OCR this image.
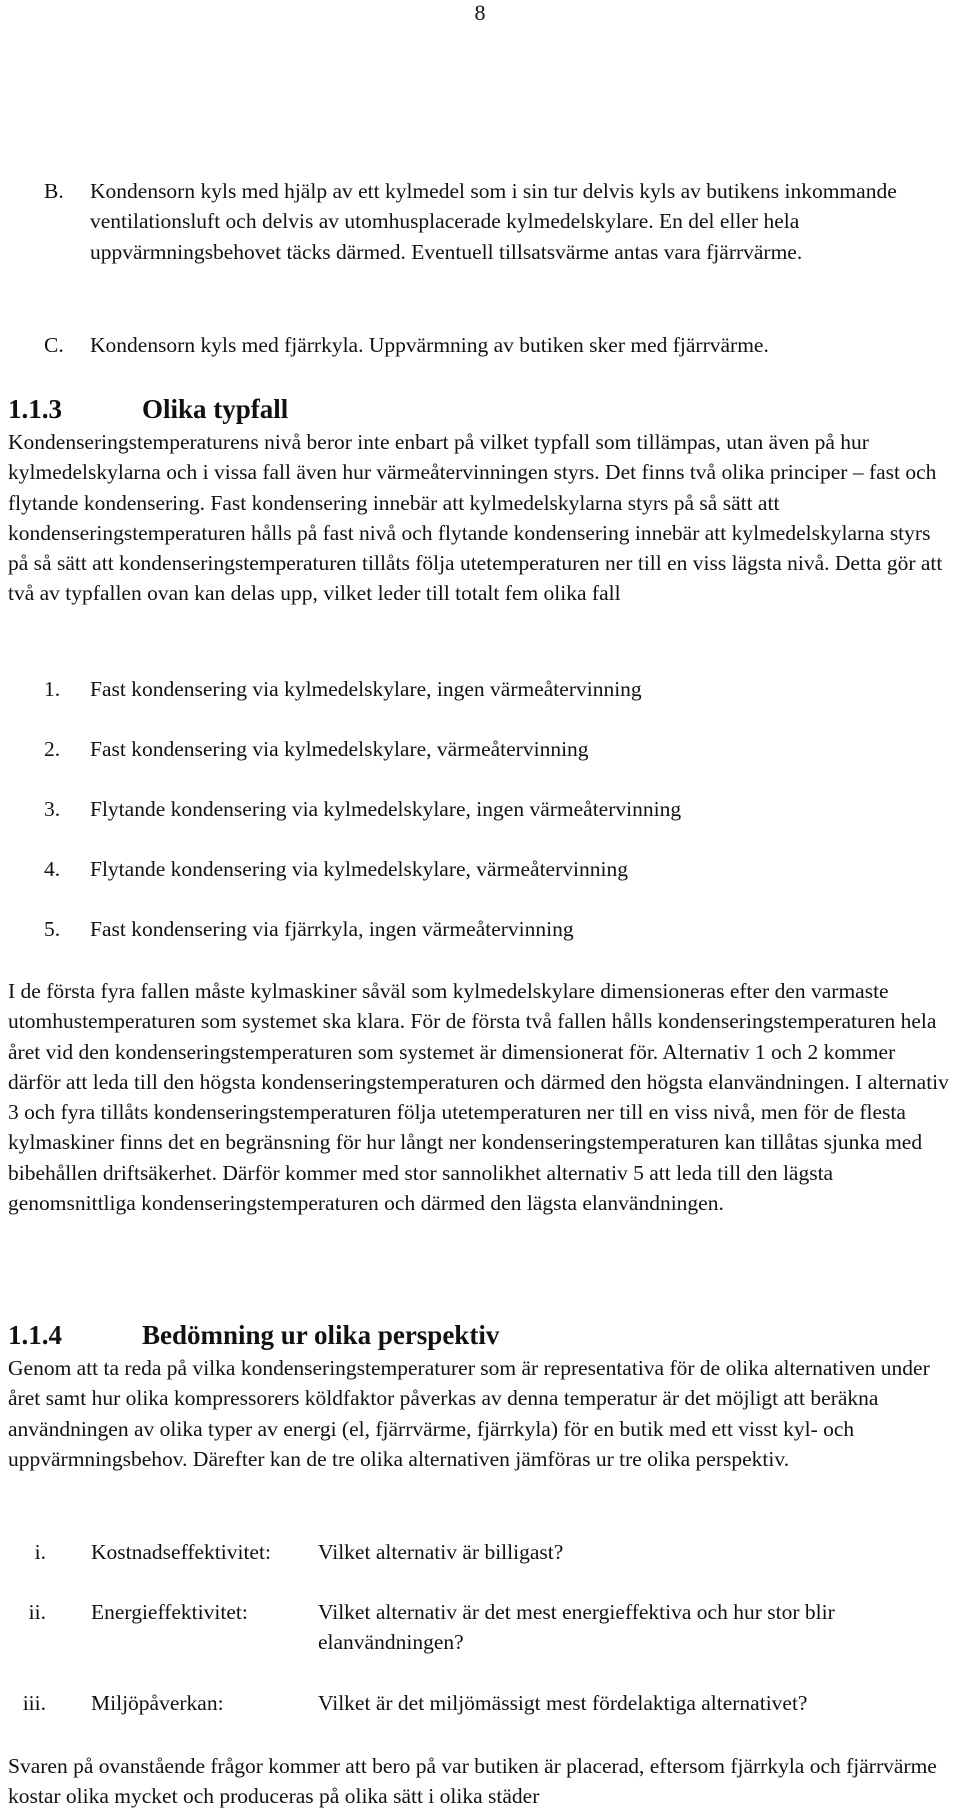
8
B. Kondensorn kyls med hjälp av ett kylmedel som i sin tur delvis kyls av butikens inkommande ventilationsluft och delvis av utomhusplacerade kylmedelskylare. En del eller hela uppvärmningsbehovet täcks därmed. Eventuell tillsatsvärme antas vara fjärrvärme.
C. Kondensorn kyls med fjärrkyla. Uppvärmning av butiken sker med fjärrvärme.
1.1.3	Olika typfall

Kondenseringstemperaturens nivå beror inte enbart på vilket typfall som tillämpas, utan även på hur kylmedelskylarna och i vissa fall även hur värmeåtervinningen styrs. Det finns två olika principer – fast och flytande kondensering. Fast kondensering innebär att kylmedelskylarna styrs på så sätt att kondenseringstemperaturen hålls på fast nivå och flytande kondensering innebär att kylmedelskylarna styrs på så sätt att kondenseringstemperaturen tillåts följa utetemperaturen ner till en viss lägsta nivå. Detta gör att två av typfallen ovan kan delas upp, vilket leder till totalt fem olika fall

1. Fast kondensering via kylmedelskylare, ingen värmeåtervinning
2. Fast kondensering via kylmedelskylare, värmeåtervinning
3. Flytande kondensering via kylmedelskylare, ingen värmeåtervinning
4. Flytande kondensering via kylmedelskylare, värmeåtervinning
5. Fast kondensering via fjärrkyla, ingen värmeåtervinning

I de första fyra fallen måste kylmaskiner såväl som kylmedelskylare dimensioneras efter den varmaste utomhustemperaturen som systemet ska klara. För de första två fallen hålls kondenseringstemperaturen hela året vid den kondenseringstemperaturen som systemet är dimensionerat för. Alternativ 1 och 2 kommer därför att leda till den högsta kondenseringstemperaturen och därmed den högsta elanvändningen. I alternativ 3 och fyra tillåts kondenseringstemperaturen följa utetemperaturen ner till en viss nivå, men för de flesta kylmaskiner finns det en begränsning för hur långt ner kondenseringstemperaturen kan tillåtas sjunka med bibehållen driftsäkerhet. Därför kommer med stor sannolikhet alternativ 5 att leda till den lägsta genomsnittliga kondenseringstemperaturen och därmed den lägsta elanvändningen.

1.1.4	Bedömning ur olika perspektiv

Genom att ta reda på vilka kondenseringstemperaturer som är representativa för de olika alternativen under året samt hur olika kompressorers köldfaktor påverkas av denna temperatur är det möjligt att beräkna användningen av olika typer av energi (el, fjärrvärme, fjärrkyla) för en butik med ett visst kyl- och uppvärmningsbehov. Därefter kan de tre olika alternativen jämföras ur tre olika perspektiv.

i. Kostnadseffektivitet: Vilket alternativ är billigast?
ii. Energieffektivitet:	Vilket alternativ är det mest energieffektiva och hur stor blir elanvändningen?
iii. Miljöpåverkan:	Vilket är det miljömässigt mest fördelaktiga alternativet?

Svaren på ovanstående frågor kommer att bero på var butiken är placerad, eftersom fjärrkyla och fjärrvärme kostar olika mycket och produceras på olika sätt i olika städer
